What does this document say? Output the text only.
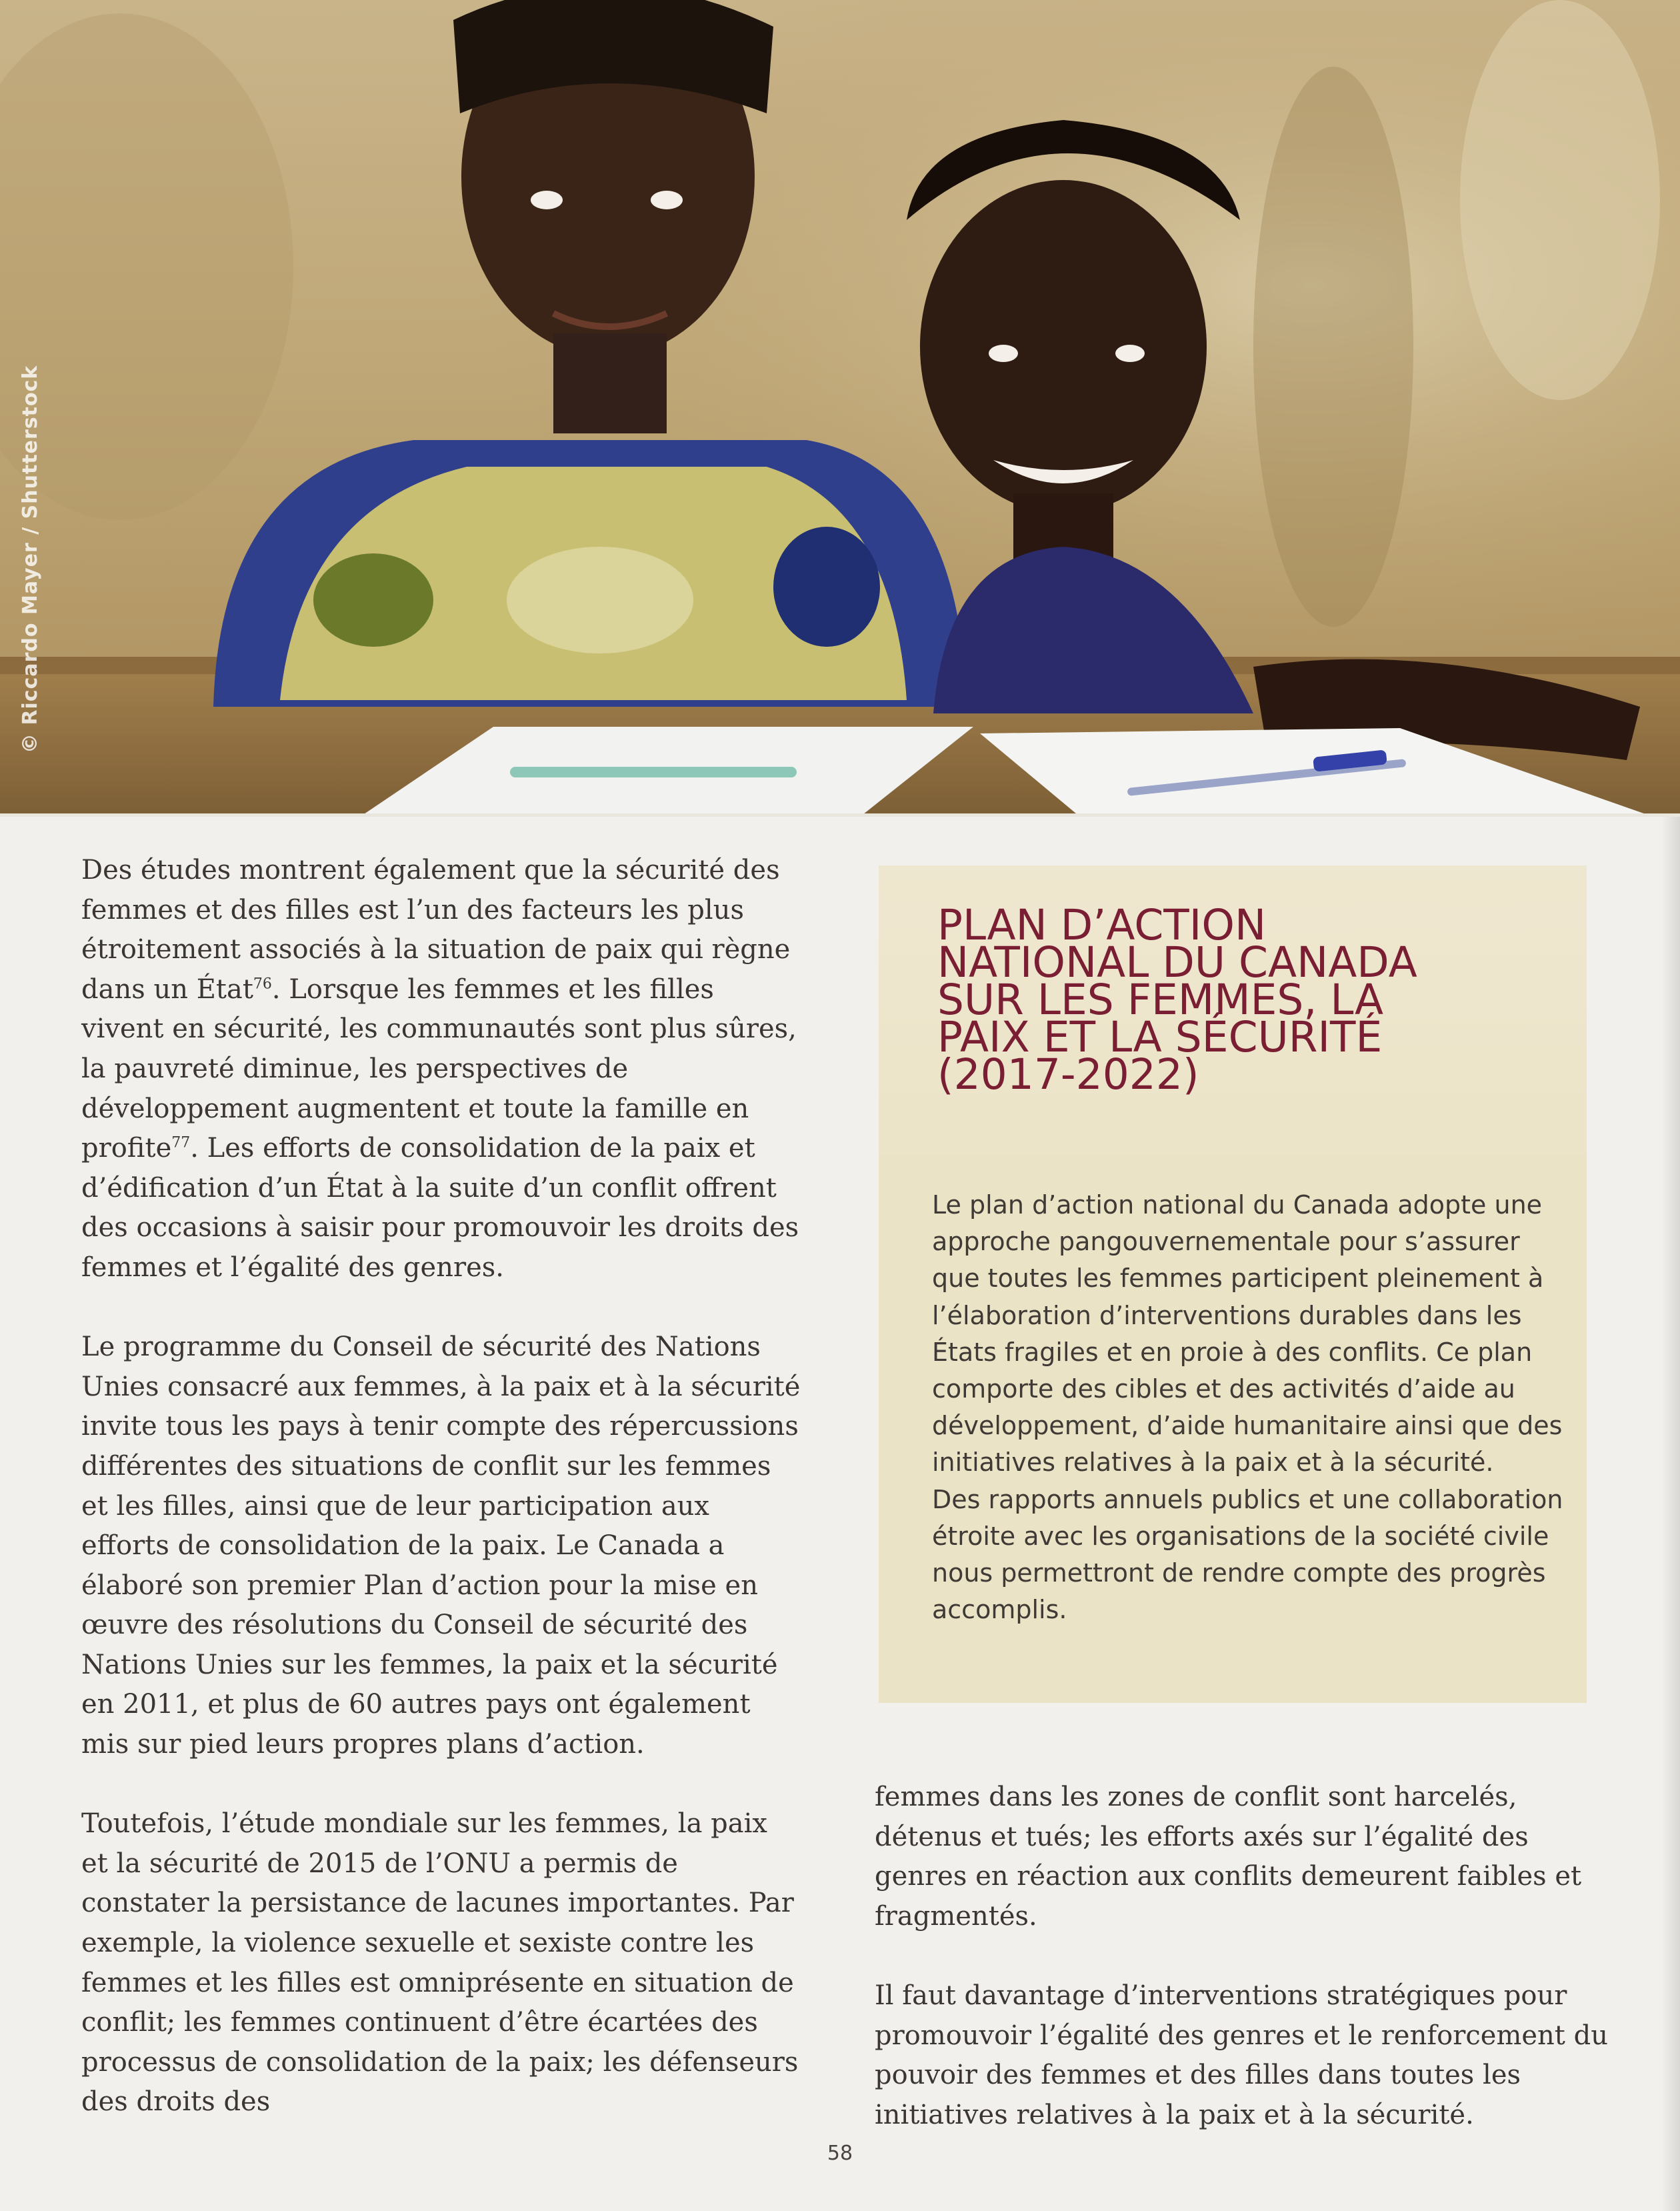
© Riccardo Mayer / Shutterstock

Des études montrent également que la sécurité des femmes et des filles est l’un des facteurs les plus étroitement associés à la situation de paix qui règne dans un État$^{76}$. Lorsque les femmes et les filles vivent en sécurité, les communautés sont plus sûres, la pauvreté diminue, les perspectives de développement augmentent et toute la famille en profite$^{77}$. Les efforts de consolidation de la paix et d’édification d’un État à la suite d’un conflit offrent des occasions à saisir pour promouvoir les droits des femmes et l’égalité des genres.

Le programme du Conseil de sécurité des Nations Unies consacré aux femmes, à la paix et à la sécurité invite tous les pays à tenir compte des répercussions différentes des situations de conflit sur les femmes et les filles, ainsi que de leur participation aux efforts de consolidation de la paix. Le Canada a élaboré son premier Plan d’action pour la mise en œuvre des résolutions du Conseil de sécurité des Nations Unies sur les femmes, la paix et la sécurité en 2011, et plus de 60 autres pays ont également mis sur pied leurs propres plans d’action.

Toutefois, l’étude mondiale sur les femmes, la paix et la sécurité de 2015 de l’ONU a permis de constater la persistance de lacunes importantes. Par exemple, la violence sexuelle et sexiste contre les femmes et les filles est omniprésente en situation de conflit; les femmes continuent d’être écartées des processus de consolidation de la paix; les défenseurs des droits des

PLAN D’ACTION
NATIONAL DU CANADA
SUR LES FEMMES, LA
PAIX ET LA SÉCURITÉ
(2017-2022)

Le plan d’action national du Canada adopte une approche pangouvernementale pour s’assurer que toutes les femmes participent pleinement à l’élaboration d’interventions durables dans les États fragiles et en proie à des conflits. Ce plan comporte des cibles et des activités d’aide au développement, d’aide humanitaire ainsi que des initiatives relatives à la paix et à la sécurité.

Des rapports annuels publics et une collaboration étroite avec les organisations de la société civile nous permettront de rendre compte des progrès accomplis.

femmes dans les zones de conflit sont harcelés, détenus et tués; les efforts axés sur l’égalité des genres en réaction aux conflits demeurent faibles et fragmentés.

Il faut davantage d’interventions stratégiques pour promouvoir l’égalité des genres et le renforcement du pouvoir des femmes et des filles dans toutes les initiatives relatives à la paix et à la sécurité.

58
